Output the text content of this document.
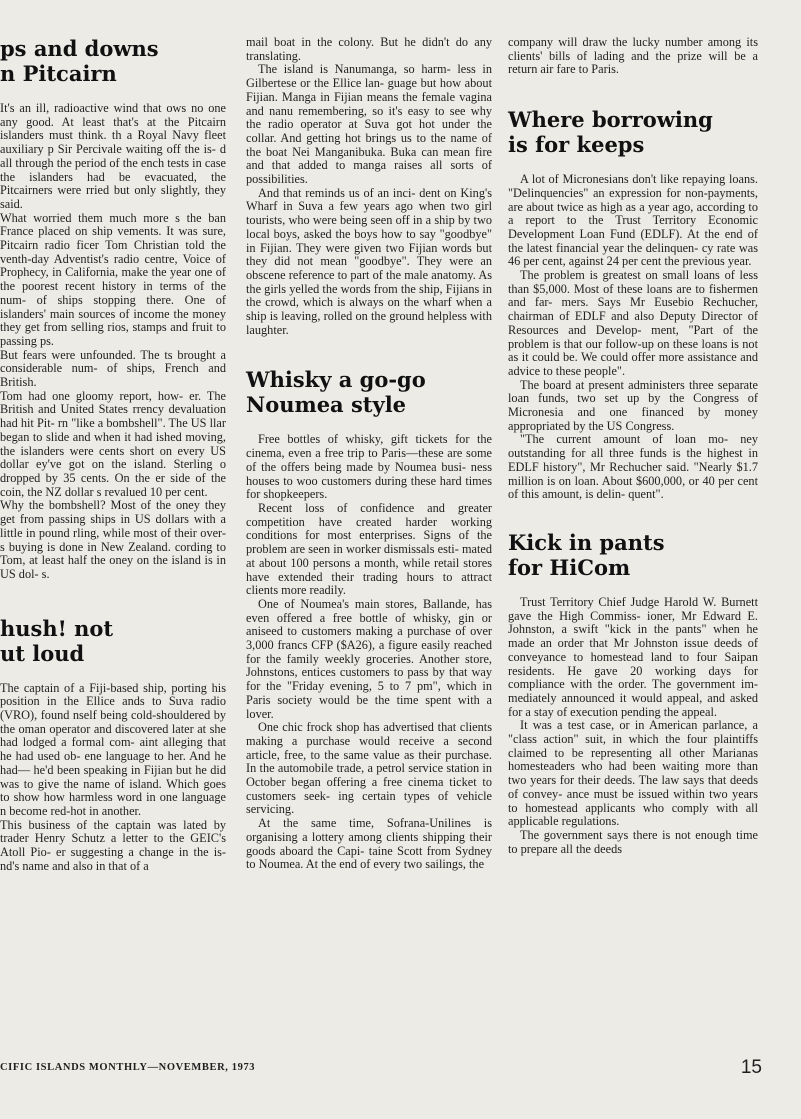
ps and downs
n Pitcairn

It's an ill, radioactive wind that ows no one any good. At least that's at the Pitcairn islanders must think. th a Royal Navy fleet auxiliary p Sir Percivale waiting off the is- d all through the period of the ench tests in case the islanders had be evacuated, the Pitcairners were rried but only slightly, they said.

What worried them much more s the ban France placed on ship vements. It was sure, Pitcairn radio ficer Tom Christian told the venth-day Adventist's radio centre, Voice of Prophecy, in California, make the year one of the poorest recent history in terms of the num- of ships stopping there. One of islanders' main sources of income the money they get from selling rios, stamps and fruit to passing ps.

But fears were unfounded. The ts brought a considerable num- of ships, French and British.

Tom had one gloomy report, how- er. The British and United States rrency devaluation had hit Pit- rn "like a bombshell". The US llar began to slide and when it had ished moving, the islanders were cents short on every US dollar ey've got on the island. Sterling o dropped by 35 cents. On the er side of the coin, the NZ dollar s revalued 10 per cent.

Why the bombshell? Most of the oney they get from passing ships in US dollars with a little in pound rling, while most of their over- s buying is done in New Zealand. cording to Tom, at least half the oney on the island is in US dol- s.

hush! not
ut loud

The captain of a Fiji-based ship, porting his position in the Ellice ands to Suva radio (VRO), found nself being cold-shouldered by the oman operator and discovered later at she had lodged a formal com- aint alleging that he had used ob- ene language to her. And he had— he'd been speaking in Fijian but he did was to give the name of island. Which goes to show how harmless word in one language n become red-hot in another.

This business of the captain was lated by trader Henry Schutz a letter to the GEIC's Atoll Pio- er suggesting a change in the is- nd's name and also in that of a

mail boat in the colony. But he didn't do any translating.

The island is Nanumanga, so harm- less in Gilbertese or the Ellice lan- guage but how about Fijian. Manga in Fijian means the female vagina and nanu remembering, so it's easy to see why the radio operator at Suva got hot under the collar. And getting hot brings us to the name of the boat Nei Manganibuka. Buka can mean fire and that added to manga raises all sorts of possibilities.

And that reminds us of an inci- dent on King's Wharf in Suva a few years ago when two girl tourists, who were being seen off in a ship by two local boys, asked the boys how to say "goodbye" in Fijian. They were given two Fijian words but they did not mean "goodbye". They were an obscene reference to part of the male anatomy. As the girls yelled the words from the ship, Fijians in the crowd, which is always on the wharf when a ship is leaving, rolled on the ground helpless with laughter.

Whisky a go-go
Noumea style

Free bottles of whisky, gift tickets for the cinema, even a free trip to Paris—these are some of the offers being made by Noumea busi- ness houses to woo customers during these hard times for shopkeepers.

Recent loss of confidence and greater competition have created harder working conditions for most enterprises. Signs of the problem are seen in worker dismissals esti- mated at about 100 persons a month, while retail stores have extended their trading hours to attract clients more readily.

One of Noumea's main stores, Ballande, has even offered a free bottle of whisky, gin or aniseed to customers making a purchase of over 3,000 francs CFP ($A26), a figure easily reached for the family weekly groceries. Another store, Johnstons, entices customers to pass by that way for the "Friday evening, 5 to 7 pm", which in Paris society would be the time spent with a lover.

One chic frock shop has advertised that clients making a purchase would receive a second article, free, to the same value as their purchase. In the automobile trade, a petrol service station in October began offering a free cinema ticket to customers seek- ing certain types of vehicle servicing.

At the same time, Sofrana-Unilines is organising a lottery among clients shipping their goods aboard the Capi- taine Scott from Sydney to Noumea. At the end of every two sailings, the

company will draw the lucky number among its clients' bills of lading and the prize will be a return air fare to Paris.

Where borrowing
is for keeps

A lot of Micronesians don't like repaying loans. "Delinquencies" an expression for non-payments, are about twice as high as a year ago, according to a report to the Trust Territory Economic Development Loan Fund (EDLF). At the end of the latest financial year the delinquen- cy rate was 46 per cent, against 24 per cent the previous year.

The problem is greatest on small loans of less than $5,000. Most of these loans are to fishermen and far- mers. Says Mr Eusebio Rechucher, chairman of EDLF and also Deputy Director of Resources and Develop- ment, "Part of the problem is that our follow-up on these loans is not as it could be. We could offer more assistance and advice to these people".

The board at present administers three separate loan funds, two set up by the Congress of Micronesia and one financed by money appropriated by the US Congress.

"The current amount of loan mo- ney outstanding for all three funds is the highest in EDLF history", Mr Rechucher said. "Nearly $1.7 million is on loan. About $600,000, or 40 per cent of this amount, is delin- quent".

Kick in pants
for HiCom

Trust Territory Chief Judge Harold W. Burnett gave the High Commiss- ioner, Mr Edward E. Johnston, a swift "kick in the pants" when he made an order that Mr Johnston issue deeds of conveyance to homestead land to four Saipan residents. He gave 20 working days for compliance with the order. The government im- mediately announced it would appeal, and asked for a stay of execution pending the appeal.

It was a test case, or in American parlance, a "class action" suit, in which the four plaintiffs claimed to be representing all other Marianas homesteaders who had been waiting more than two years for their deeds. The law says that deeds of convey- ance must be issued within two years to homestead applicants who comply with all applicable regulations.

The government says there is not enough time to prepare all the deeds

CIFIC ISLANDS MONTHLY—NOVEMBER, 1973	15
